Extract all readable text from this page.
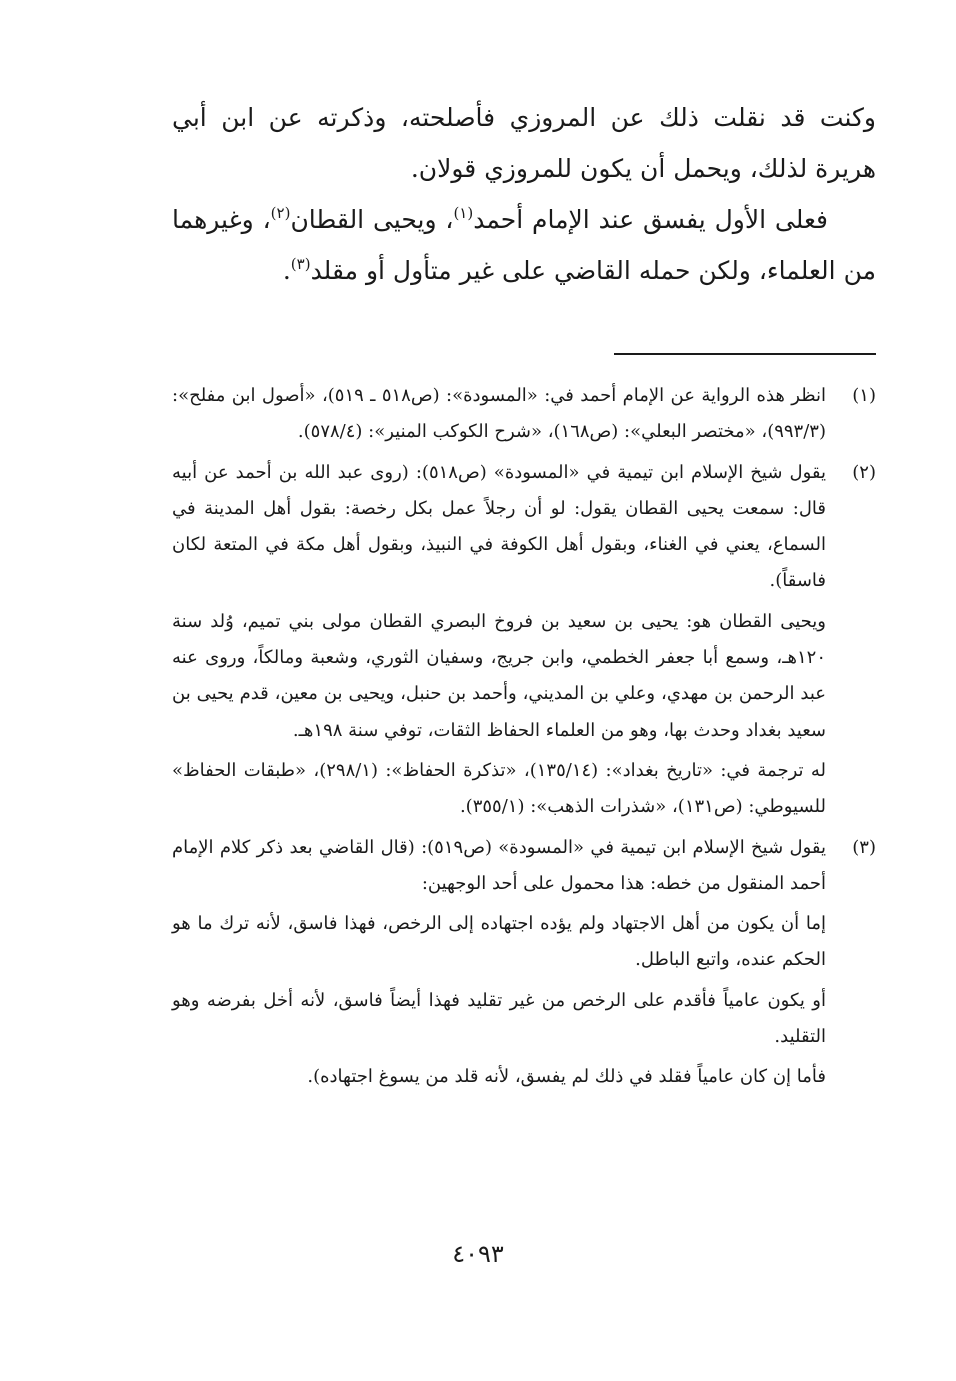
وكنت قد نقلت ذلك عن المروزي فأصلحته، وذكرته عن ابن أبي هريرة لذلك، ويحمل أن يكون للمروزي قولان.

فعلى الأول يفسق عند الإمام أحمد$^{(١)}$، ويحيى القطان$^{(٢)}$، وغيرهما من العلماء، ولكن حمله القاضي على غير متأول أو مقلد$^{(٣)}$.

(١)

انظر هذه الرواية عن الإمام أحمد في: «المسودة»: (ص٥١٨ ـ ٥١٩)، «أصول ابن مفلح»: (٩٩٣/٣)، «مختصر البعلي»: (ص١٦٨)، «شرح الكوكب المنير»: (٥٧٨/٤).

(٢)

يقول شيخ الإسلام ابن تيمية في «المسودة» (ص٥١٨): (روى عبد الله بن أحمد عن أبيه قال: سمعت يحيى القطان يقول: لو أن رجلاً عمل بكل رخصة: بقول أهل المدينة في السماع، يعني في الغناء، وبقول أهل الكوفة في النبيذ، وبقول أهل مكة في المتعة لكان فاسقاً).

ويحيى القطان هو: يحيى بن سعيد بن فروخ البصري القطان مولى بني تميم، وُلد سنة ١٢٠هـ، وسمع أبا جعفر الخطمي، وابن جريج، وسفيان الثوري، وشعبة ومالكاً، وروى عنه عبد الرحمن بن مهدي، وعلي بن المديني، وأحمد بن حنبل، ويحيى بن معين، قدم يحيى بن سعيد بغداد وحدث بها، وهو من العلماء الحفاظ الثقات، توفي سنة ١٩٨هـ.

له ترجمة في: «تاريخ بغداد»: (١٣٥/١٤)، «تذكرة الحفاظ»: (٢٩٨/١)، «طبقات الحفاظ» للسيوطي: (ص١٣١)، «شذرات الذهب»: (٣٥٥/١).

(٣)

يقول شيخ الإسلام ابن تيمية في «المسودة» (ص٥١٩): (قال القاضي بعد ذكر كلام الإمام أحمد المنقول من خطه: هذا محمول على أحد الوجهين:

إما أن يكون من أهل الاجتهاد ولم يؤده اجتهاده إلى الرخص، فهذا فاسق، لأنه ترك ما هو الحكم عنده، واتبع الباطل.

أو يكون عامياً فأقدم على الرخص من غير تقليد فهذا أيضاً فاسق، لأنه أخل بفرضه وهو التقليد.

فأما إن كان عامياً فقلد في ذلك لم يفسق، لأنه قلد من يسوغ اجتهاده).

٤٠٩٣
